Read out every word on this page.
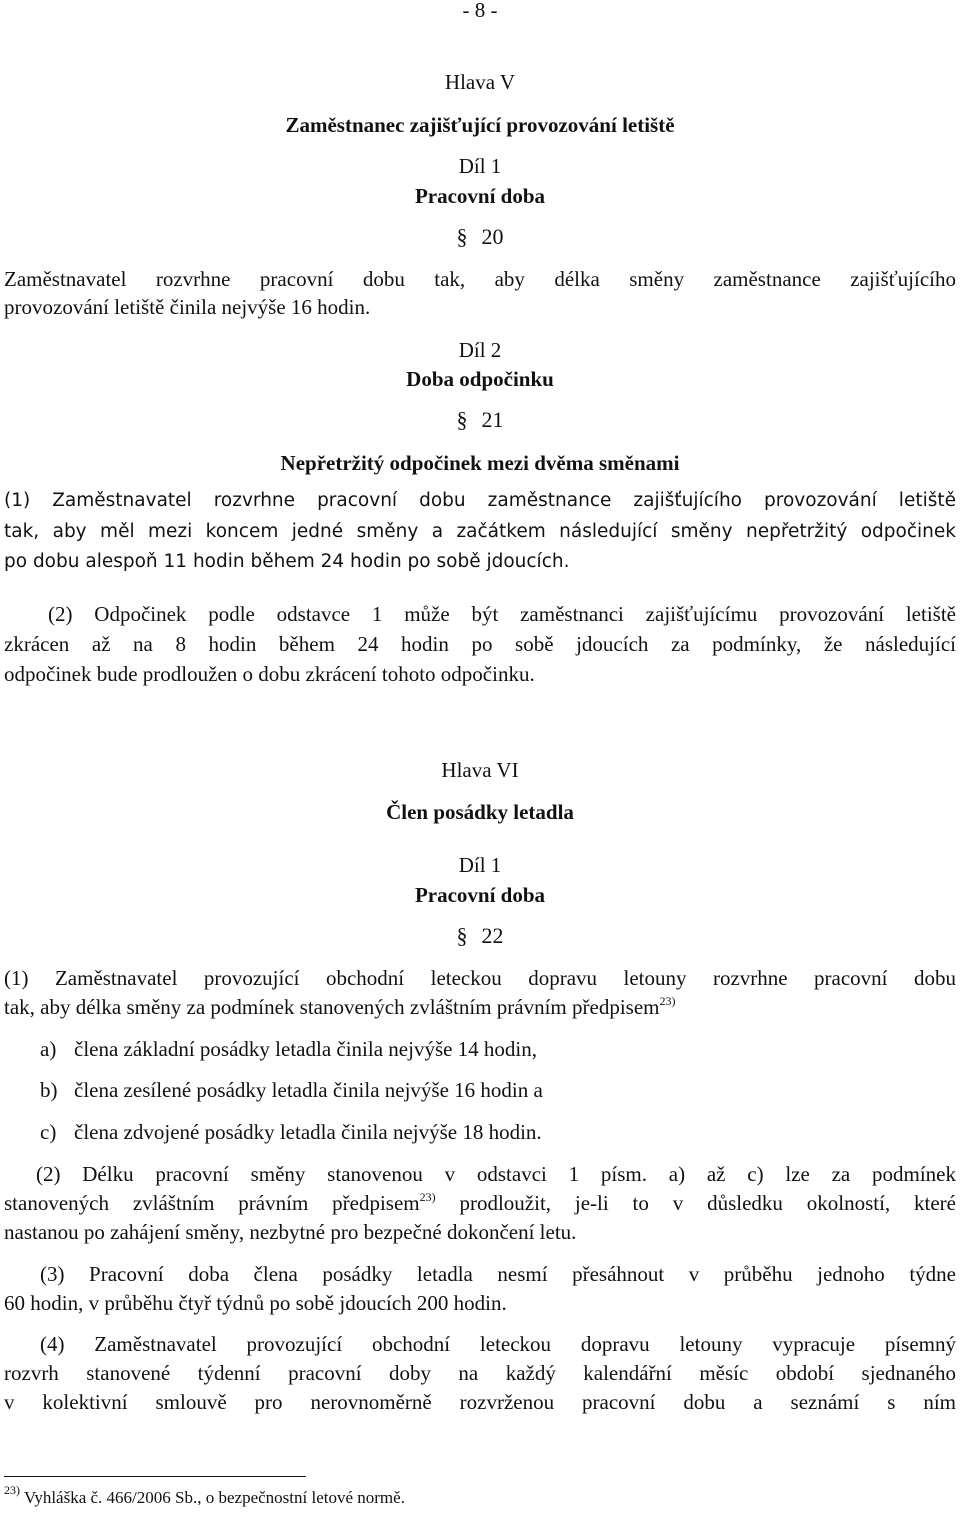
- 8 -
Hlava V
Zaměstnanec zajišťující provozování letiště
Díl 1
Pracovní doba
§ 20
Zaměstnavatel rozvrhne pracovní dobu tak, aby délka směny zaměstnance zajišťujícího
provozování letiště činila nejvýše 16 hodin.
Díl 2
Doba odpočinku
§ 21
Nepřetržitý odpočinek mezi dvěma směnami
(1) Zaměstnavatel rozvrhne pracovní dobu zaměstnance zajišťujícího provozování letiště
tak, aby měl mezi koncem jedné směny a začátkem následující směny nepřetržitý odpočinek
po dobu alespoň 11 hodin během 24 hodin po sobě jdoucích.
(2) Odpočinek podle odstavce 1 může být zaměstnanci zajišťujícímu provozování letiště
zkrácen až na 8 hodin během 24 hodin po sobě jdoucích za podmínky, že následující
odpočinek bude prodloužen o dobu zkrácení tohoto odpočinku.
Hlava VI
Člen posádky letadla
Díl 1
Pracovní doba
§ 22
(1) Zaměstnavatel provozující obchodní leteckou dopravu letouny rozvrhne pracovní dobu
tak, aby délka směny za podmínek stanovených zvláštním právním předpisem$^{23)}$
a) člena základní posádky letadla činila nejvýše 14 hodin,
b) člena zesílené posádky letadla činila nejvýše 16 hodin a
c) člena zdvojené posádky letadla činila nejvýše 18 hodin.
(2) Délku pracovní směny stanovenou v odstavci 1 písm. a) až c) lze za podmínek
stanovených zvláštním právním předpisem$^{23)}$ prodloužit, je-li to v důsledku okolností, které
nastanou po zahájení směny, nezbytné pro bezpečné dokončení letu.
(3) Pracovní doba člena posádky letadla nesmí přesáhnout v průběhu jednoho týdne
60 hodin, v průběhu čtyř týdnů po sobě jdoucích 200 hodin.
(4) Zaměstnavatel provozující obchodní leteckou dopravu letouny vypracuje písemný
rozvrh stanovené týdenní pracovní doby na každý kalendářní měsíc období sjednaného
v kolektivní smlouvě pro nerovnoměrně rozvrženou pracovní dobu a seznámí s ním
$^{23)}$ Vyhláška č. 466/2006 Sb., o bezpečnostní letové normě.
